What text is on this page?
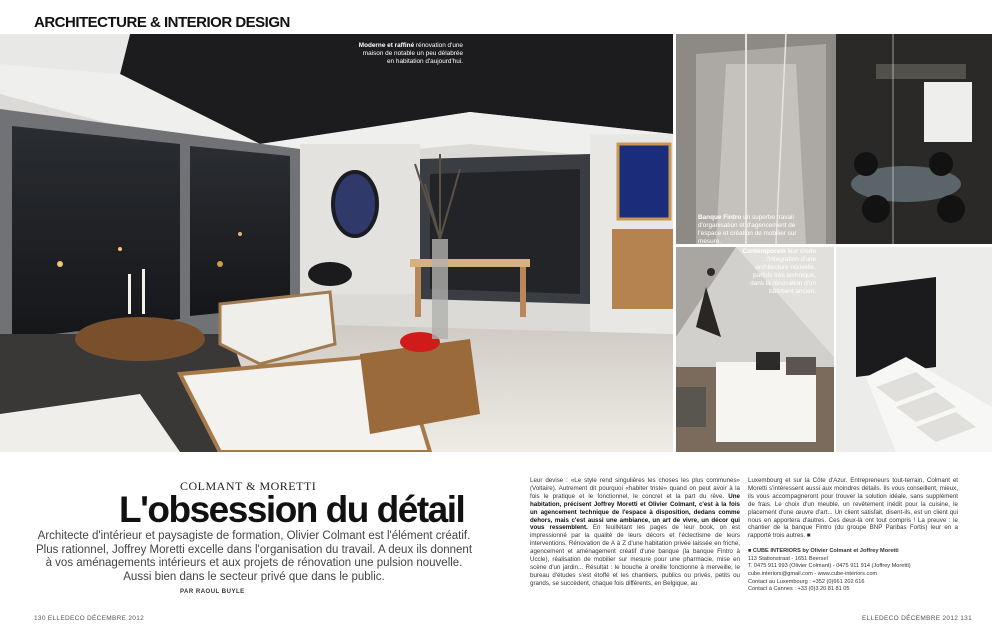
ARCHITECTURE & INTERIOR DESIGN
Moderne et raffiné rénovation d'une maison de notable un peu délabrée en habitation d'aujourd'hui.
Banque Fintro un superbe travail d'organisation et d'agencement de l'espace et création de mobilier sur mesure.
Contemporain leur credo : l'intégration d'une architecture nouvelle, parfois très technique, dans la rénovation d'un bâtiment ancien.
COLMANT & MORETTI
L'obsession du détail
Architecte d'intérieur et paysagiste de formation, Olivier Colmant est l'élément créatif. Plus rationnel, Joffrey Moretti excelle dans l'organisation du travail. A deux ils donnent à vos aménagements intérieurs et aux projets de rénovation une pulsion nouvelle. Aussi bien dans le secteur privé que dans le public.
PAR RAOUL BUYLE
Leur devise : «Le style rend singulières les choses les plus communes» (Voltaire). Autrement dit pourquoi «habiter triste» quand on peut avoir à la fois le pratique et le fonctionnel, le concret et la part du rêve. Une habitation, précisent Joffrey Moretti et Olivier Colmant, c'est à la fois un agencement technique de l'espace à disposition, dedans comme dehors, mais c'est aussi une ambiance, un art de vivre, un décor qui vous ressemblent. En feuilletant les pages de leur book, on est impressionné par la qualité de leurs décors et l'éclectisme de leurs interventions. Rénovation de A à Z d'une habitation privée laissée en friche, agencement et aménagement créatif d'une banque (la banque Fintro à Uccle), réalisation de mobilier sur mesure pour une pharmacie, mise en scène d'un jardin... Résultat : le bouche à oreille fonctionne à merveille, le bureau d'études s'est étoffé et les chantiers, publics ou privés, petits ou grands, se succèdent, chaque fois différents, en Belgique, au
Luxembourg et sur la Côte d'Azur. Entrepreneurs tout-terrain, Colmant et Moretti s'intéressent aussi aux moindres détails. Ils vous conseillent, mieux, ils vous accompagneront pour trouver la solution idéale, sans supplément de frais. Le choix d'un meuble, un revêtement inédit pour la cuisine, le placement d'une œuvre d'art... Un client satisfait, disent-ils, est un client qui nous en apportera d'autres. Ces deux-là ont tout compris ! La preuve : le chantier de la banque Fintro (du groupe BNP Paribas Fortis) leur en a rapporté trois autres. ■
■ CUBE INTERIORS by Olivier Colmant et Joffrey Moretti
113 Stationstraat - 1651 Beersel
T. 0475 911 993 (Olivier Colmant) - 0475 911 914 (Joffrey Moretti)
cube.interiors@gmail.com - www.cube-interiors.com
Contact au Luxembourg : +352 (0)661 202 616
Contact à Cannes : +33 (0)3 20 81 81 05
130 ELLEDECO DÉCEMBRE 2012	ELLEDECO DÉCEMBRE 2012 131
